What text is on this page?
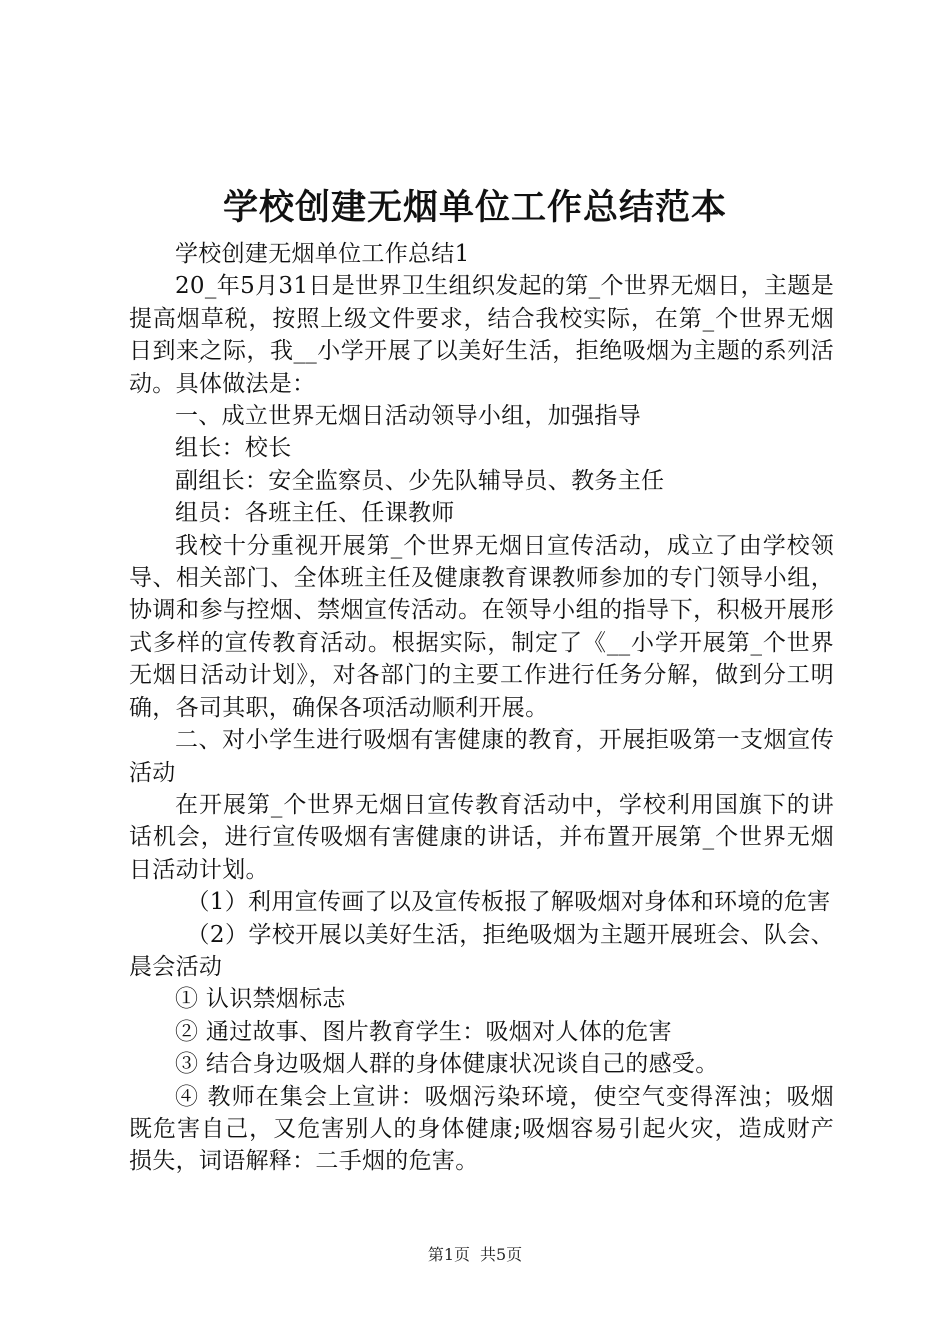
学校创建无烟单位工作总结范本

学校创建无烟单位工作总结1

20_年5月31日是世界卫生组织发起的第_个世界无烟日，主题是提高烟草税，按照上级文件要求，结合我校实际，在第_个世界无烟日到来之际，我__小学开展了以美好生活，拒绝吸烟为主题的系列活动。具体做法是：

一、成立世界无烟日活动领导小组，加强指导

组长：校长

副组长：安全监察员、少先队辅导员、教务主任

组员：各班主任、任课教师

我校十分重视开展第_个世界无烟日宣传活动，成立了由学校领导、相关部门、全体班主任及健康教育课教师参加的专门领导小组，协调和参与控烟、禁烟宣传活动。在领导小组的指导下，积极开展形式多样的宣传教育活动。根据实际，制定了《__小学开展第_个世界无烟日活动计划》，对各部门的主要工作进行任务分解，做到分工明确，各司其职，确保各项活动顺利开展。

二、对小学生进行吸烟有害健康的教育，开展拒吸第一支烟宣传活动

在开展第_个世界无烟日宣传教育活动中，学校利用国旗下的讲话机会，进行宣传吸烟有害健康的讲话，并布置开展第_个世界无烟日活动计划。

（1）利用宣传画了以及宣传板报了解吸烟对身体和环境的危害

（2）学校开展以美好生活，拒绝吸烟为主题开展班会、队会、晨会活动

① 认识禁烟标志

② 通过故事、图片教育学生：吸烟对人体的危害

③ 结合身边吸烟人群的身体健康状况谈自己的感受。

④ 教师在集会上宣讲：吸烟污染环境，使空气变得浑浊；吸烟既危害自己，又危害别人的身体健康;吸烟容易引起火灾，造成财产损失，词语解释：二手烟的危害。

第1页 共5页
